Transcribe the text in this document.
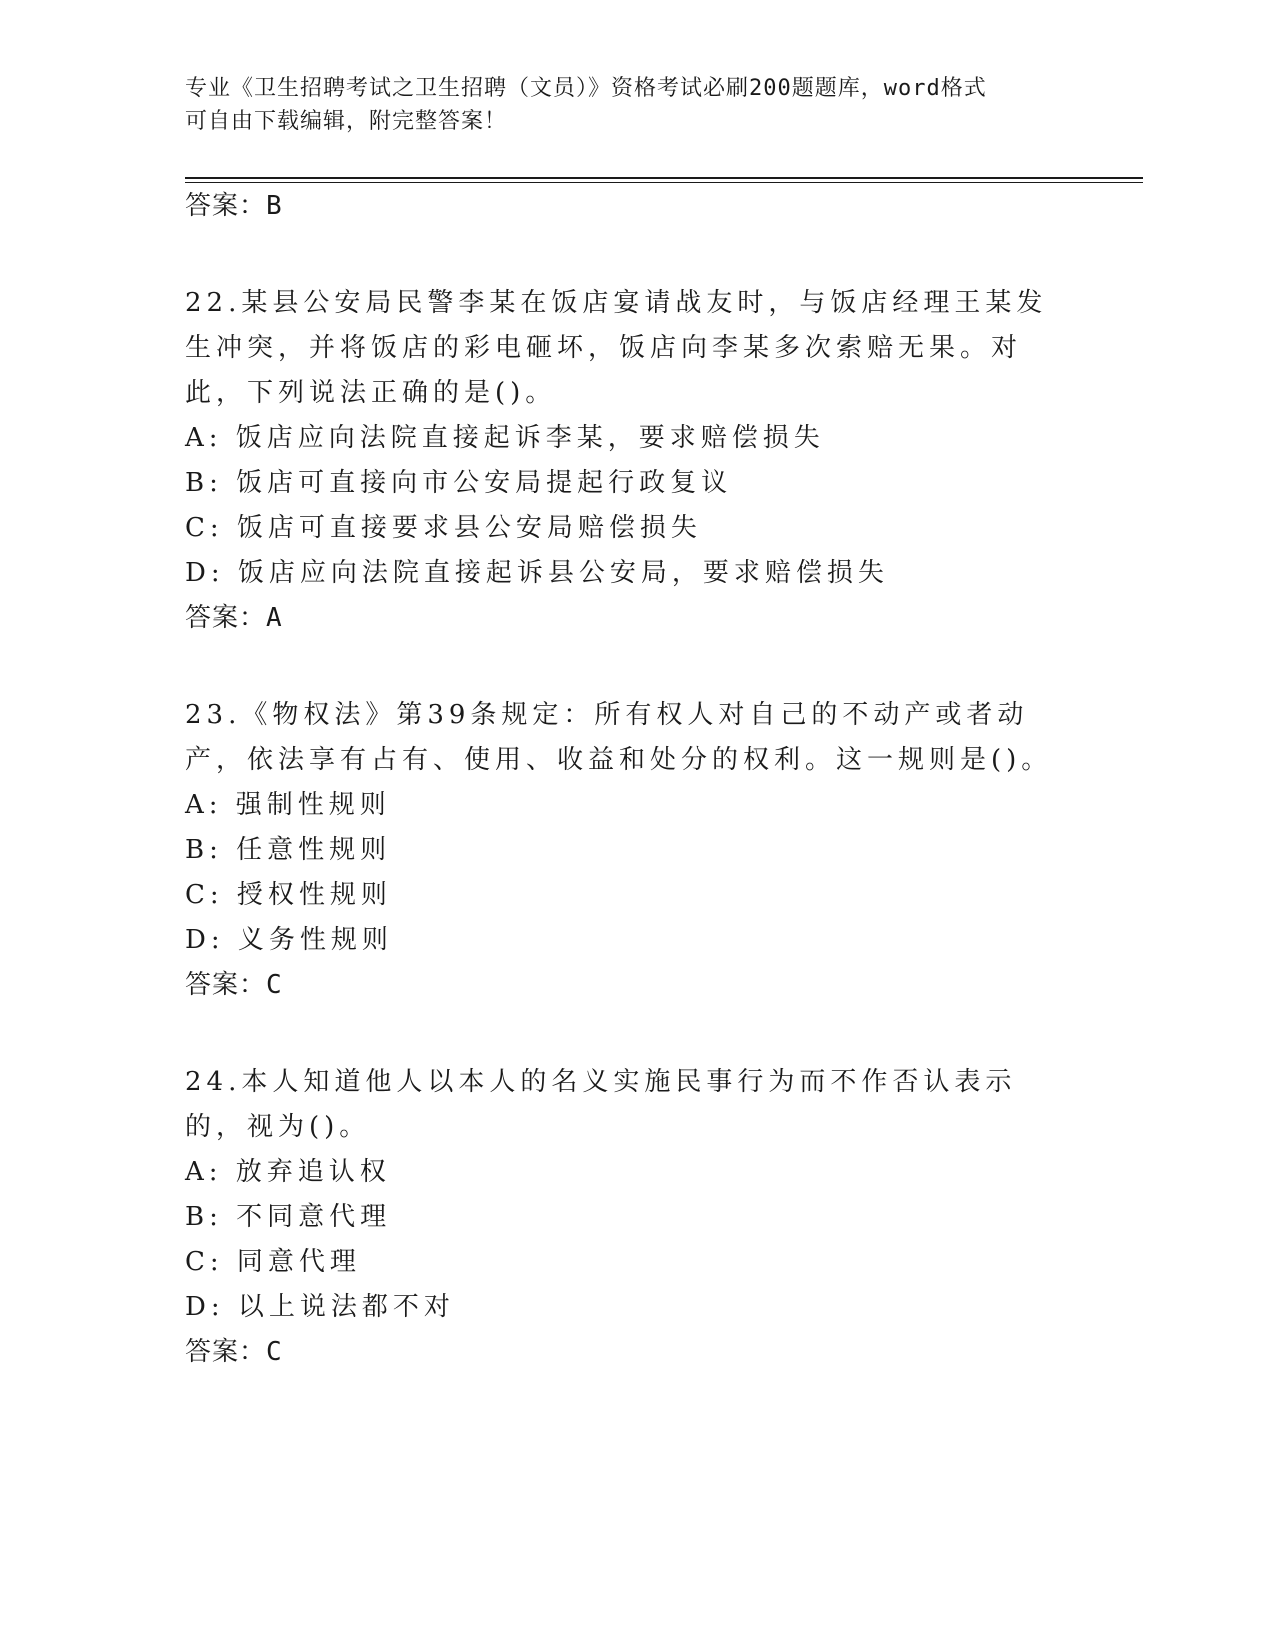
专业《卫生招聘考试之卫生招聘（文员）》资格考试必刷200题题库，word格式
可自由下载编辑，附完整答案！
答案：B
22.某县公安局民警李某在饭店宴请战友时，与饭店经理王某发生冲突，并将饭店的彩电砸坏，饭店向李某多次索赔无果。对此，下列说法正确的是()。
A: 饭店应向法院直接起诉李某，要求赔偿损失
B: 饭店可直接向市公安局提起行政复议
C: 饭店可直接要求县公安局赔偿损失
D: 饭店应向法院直接起诉县公安局，要求赔偿损失
答案：A
23.《物权法》第39条规定：所有权人对自己的不动产或者动产，依法享有占有、使用、收益和处分的权利。这一规则是()。
A: 强制性规则
B: 任意性规则
C: 授权性规则
D: 义务性规则
答案：C
24.本人知道他人以本人的名义实施民事行为而不作否认表示的，视为()。
A: 放弃追认权
B: 不同意代理
C: 同意代理
D: 以上说法都不对
答案：C
